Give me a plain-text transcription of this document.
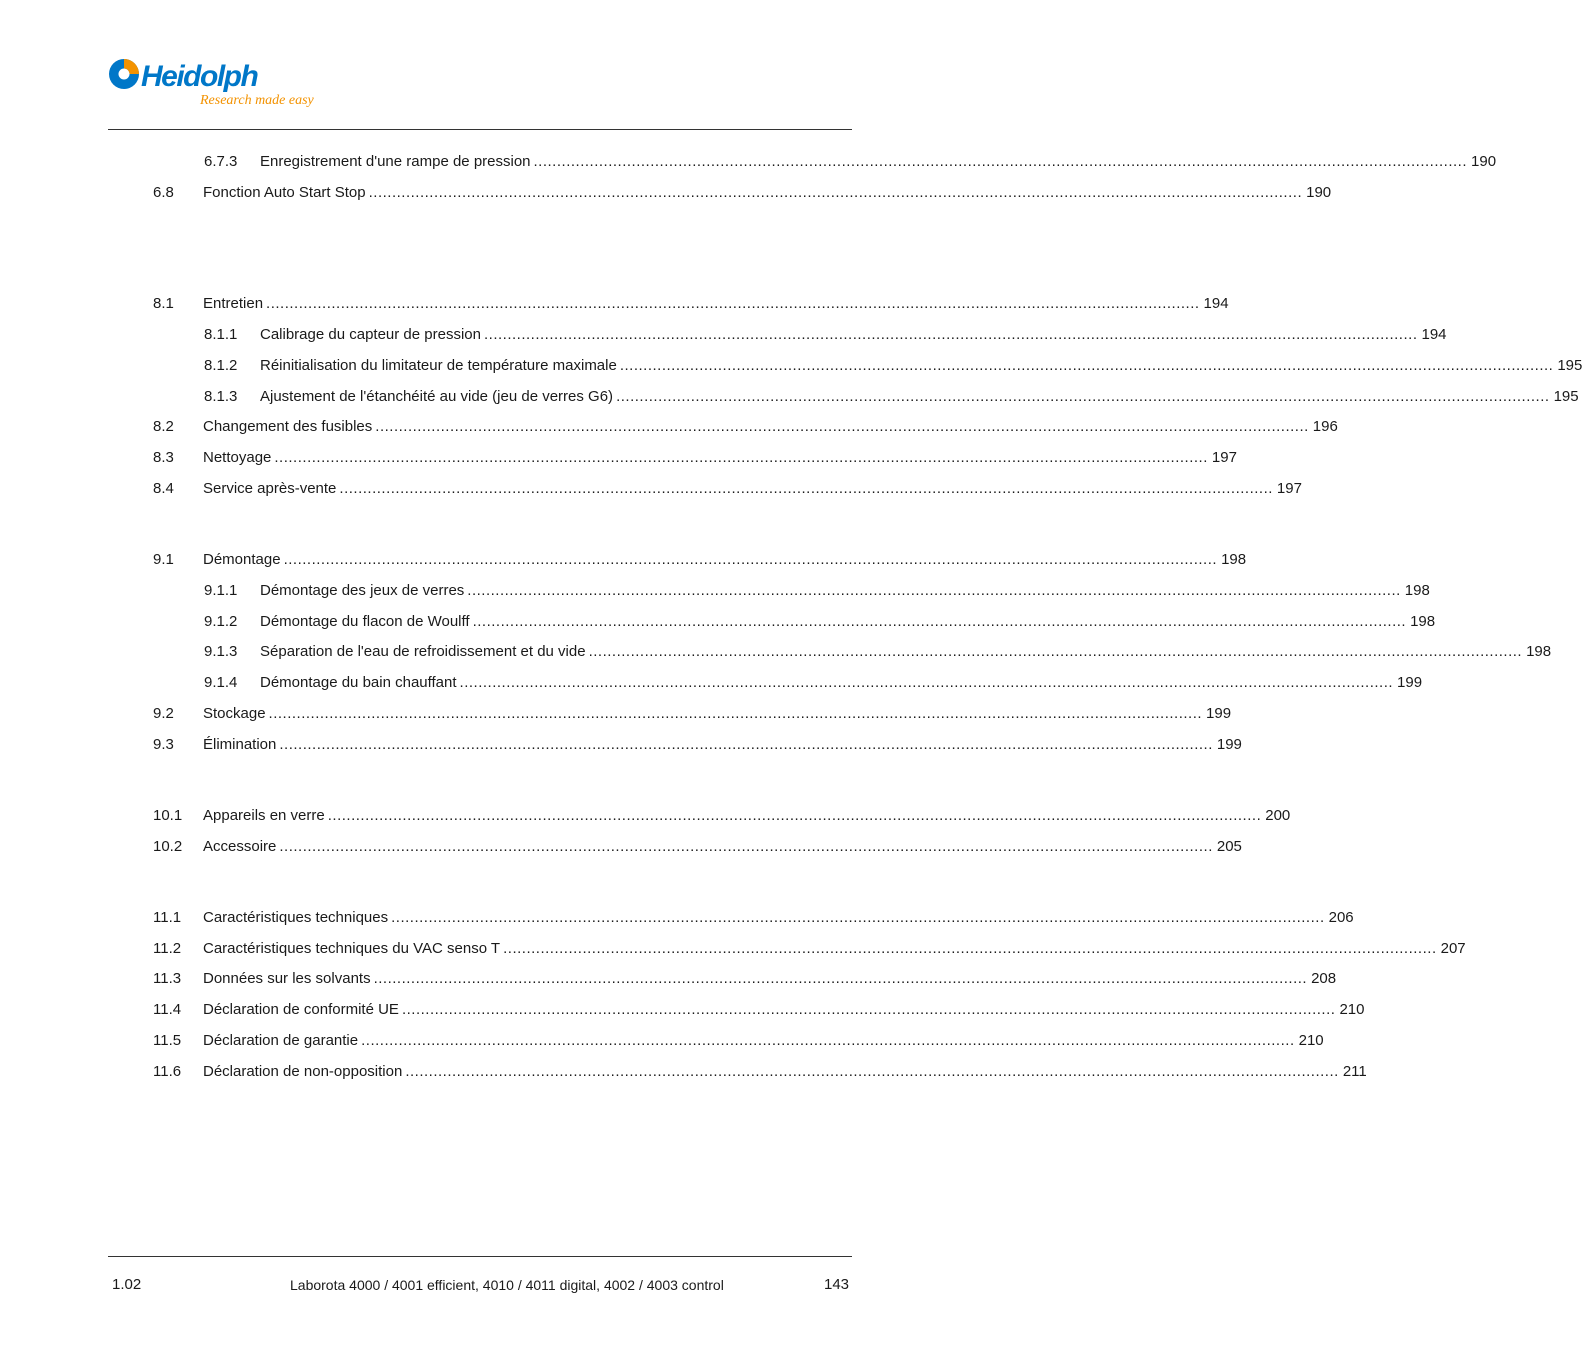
Heidolph
Research made easy
6.7.3 Enregistrement d'une rampe de pression ........................................................................................................................................................................................................ 190
6.8 Fonction Auto Start Stop ........................................................................................................................................................................................................ 190
8.1 Entretien ........................................................................................................................................................................................................ 194
8.1.1 Calibrage du capteur de pression ........................................................................................................................................................................................................ 194
8.1.2 Réinitialisation du limitateur de température maximale ........................................................................................................................................................................................................ 195
8.1.3 Ajustement de l'étanchéité au vide (jeu de verres G6) ........................................................................................................................................................................................................ 195
8.2 Changement des fusibles ........................................................................................................................................................................................................ 196
8.3 Nettoyage ........................................................................................................................................................................................................ 197
8.4 Service après-vente ........................................................................................................................................................................................................ 197
9.1 Démontage ........................................................................................................................................................................................................ 198
9.1.1 Démontage des jeux de verres ........................................................................................................................................................................................................ 198
9.1.2 Démontage du flacon de Woulff ........................................................................................................................................................................................................ 198
9.1.3 Séparation de l'eau de refroidissement et du vide ........................................................................................................................................................................................................ 198
9.1.4 Démontage du bain chauffant ........................................................................................................................................................................................................ 199
9.2 Stockage ........................................................................................................................................................................................................ 199
9.3 Élimination ........................................................................................................................................................................................................ 199
10.1 Appareils en verre ........................................................................................................................................................................................................ 200
10.2 Accessoire ........................................................................................................................................................................................................ 205
11.1 Caractéristiques techniques ........................................................................................................................................................................................................ 206
11.2 Caractéristiques techniques du VAC senso T ........................................................................................................................................................................................................ 207
11.3 Données sur les solvants ........................................................................................................................................................................................................ 208
11.4 Déclaration de conformité UE ........................................................................................................................................................................................................ 210
11.5 Déclaration de garantie ........................................................................................................................................................................................................ 210
11.6 Déclaration de non-opposition ........................................................................................................................................................................................................ 211
1.02	Laborota 4000 / 4001 efficient, 4010 / 4011 digital, 4002 / 4003 control	143
